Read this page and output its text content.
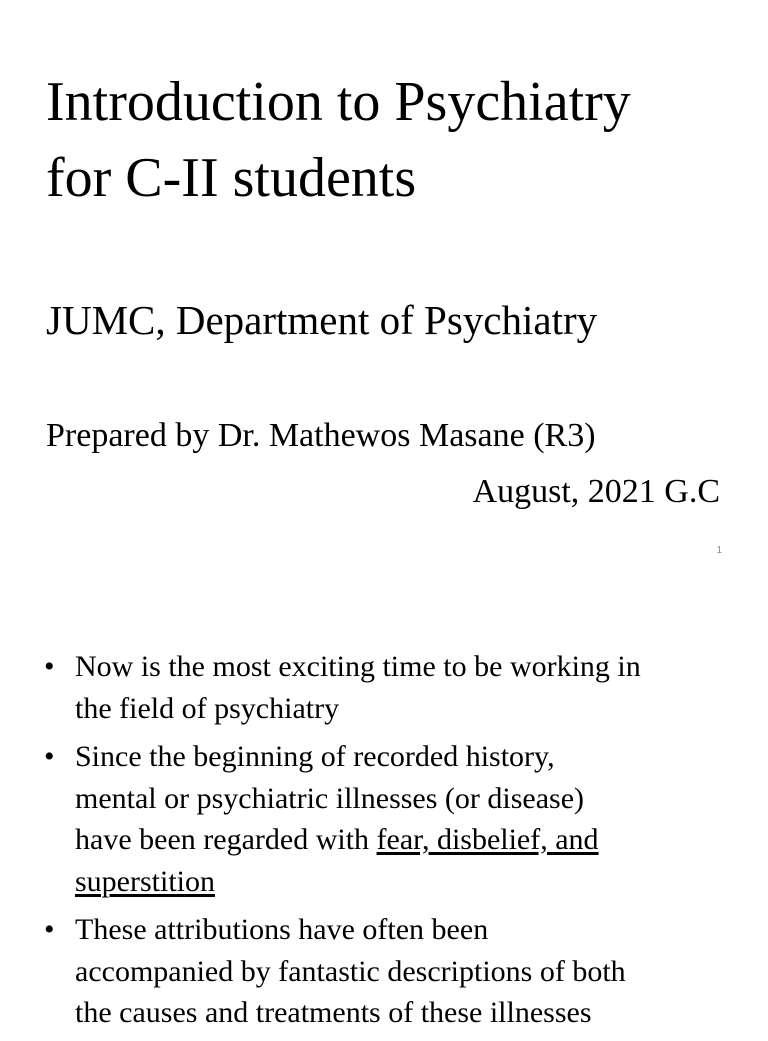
Introduction to Psychiatry
for C-II students
JUMC, Department of Psychiatry
Prepared by Dr. Mathewos Masane (R3)
August, 2021 G.C
1
• Now is the most exciting time to be working in
the field of psychiatry
• Since the beginning of recorded history,
mental or psychiatric illnesses (or disease)
have been regarded with fear, disbelief, and
superstition
• These attributions have often been
accompanied by fantastic descriptions of both
the causes and treatments of these illnesses
